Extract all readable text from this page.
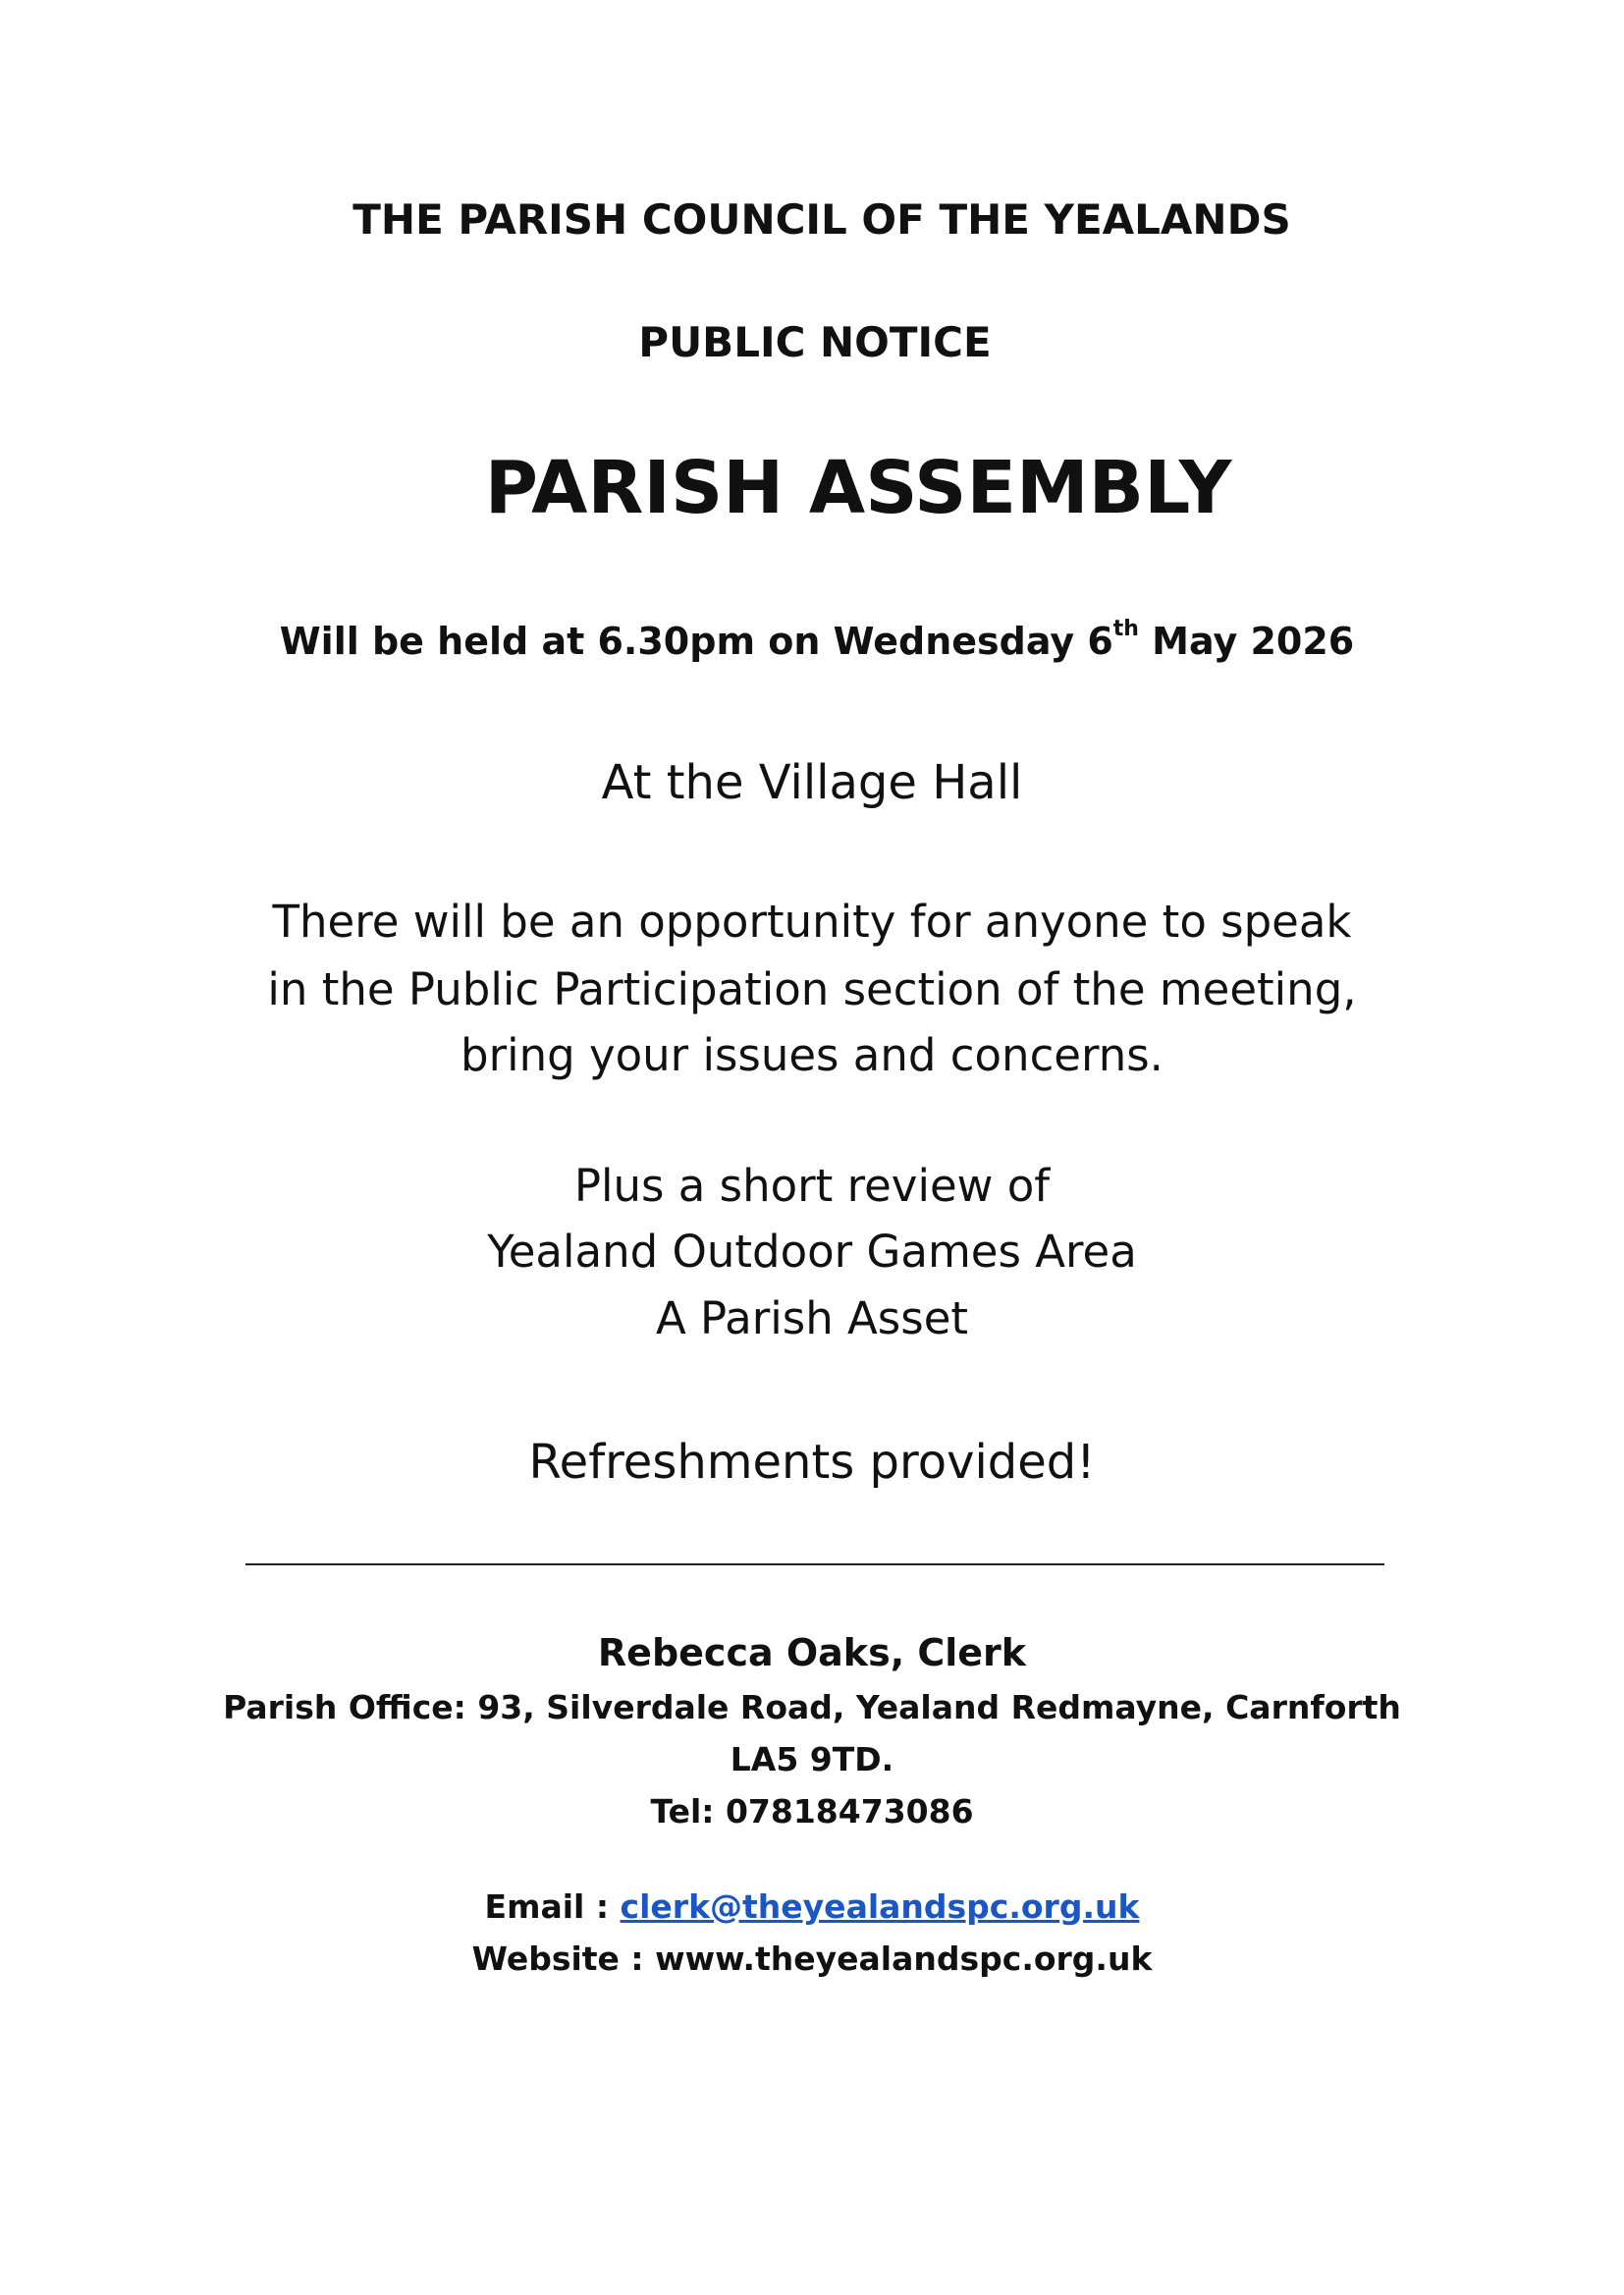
THE PARISH COUNCIL OF THE YEALANDS
PUBLIC NOTICE
PARISH ASSEMBLY
Will be held at 6.30pm on Wednesday 6th May 2026
At the Village Hall
There will be an opportunity for anyone to speak
in the Public Participation section of the meeting,
bring your issues and concerns.
Plus a short review of
Yealand Outdoor Games Area
A Parish Asset
Refreshments provided!
Rebecca Oaks, Clerk
Parish Office: 93, Silverdale Road, Yealand Redmayne, Carnforth
LA5 9TD.
Tel: 07818473086
Email : clerk@theyealandspc.org.uk
Website : www.theyealandspc.org.uk
